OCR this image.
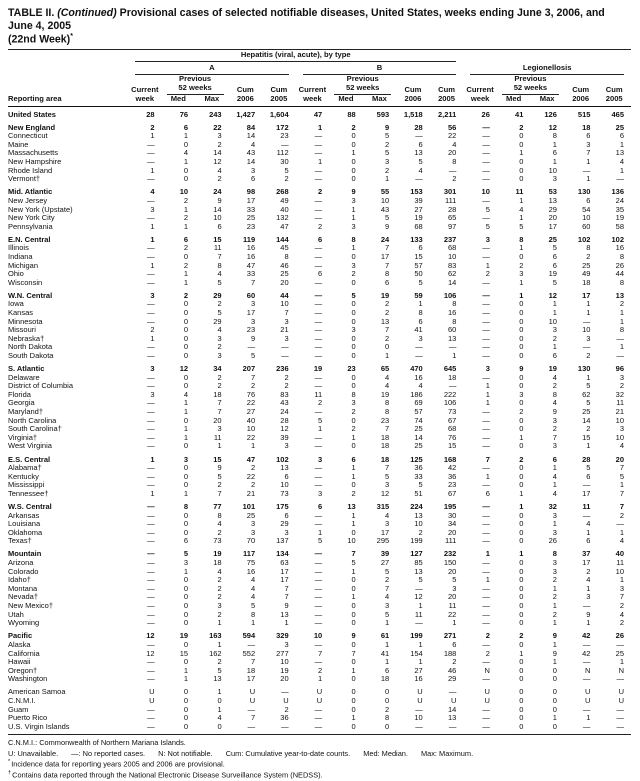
TABLE II. (Continued) Provisional cases of selected notifiable diseases, United States, weeks ending June 3, 2006, and June 4, 2005
(22nd Week)*
Reporting area	Hepatitis (viral, acute), by type														

	A					B					Legionellosis				

Current
week

Previous
52 weeks	Cum
2006

Cum
2005

Current
week

Previous
52 weeks	Cum
2006

Cum
2005

Current
week

Previous
52 weeks	Cum
2006

Cum
2005

		Med	Max				Med	Max				Med	Max		
United States	28	76	243	1,427	1,604	47	88	593	1,518	2,211	26	41	126	515	465
New England	2	6	22	84	172	1	2	9	28	56	—	2	12	18	25
Connecticut	1	1	3	14	23	—	0	5	—	22	—	0	8	6	6
Maine	—	0	2	4	—	—	0	2	6	4	—	0	1	3	1
Massachusetts	—	4	14	43	112	—	1	5	13	20	—	1	6	7	13
New Hampshire	—	1	12	14	30	1	0	3	5	8	—	0	1	1	4
Rhode Island	1	0	4	3	5	—	0	2	4	—	—	0	10	—	1
Vermont†	—	0	2	6	2	—	0	1	—	2	—	0	3	1	—
Mid. Atlantic	4	10	24	98	268	2	9	55	153	301	10	11	53	130	136
New Jersey	—	2	9	17	49	—	3	10	39	111	—	1	13	6	24
New York (Upstate)	3	1	14	33	40	—	1	43	27	28	5	4	29	54	35
New York City	—	2	10	25	132	—	1	5	19	65	—	1	20	10	19
Pennsylvania	1	1	6	23	47	2	3	9	68	97	5	5	17	60	58
E.N. Central	1	6	15	119	144	6	8	24	133	237	3	8	25	102	102
Illinois	—	2	11	16	45	—	1	7	6	68	—	1	5	8	16
Indiana	—	0	7	16	8	—	0	17	15	10	—	0	6	2	8
Michigan	1	2	8	47	46	—	3	7	57	83	1	2	6	25	26
Ohio	—	1	4	33	25	6	2	8	50	62	2	3	19	49	44
Wisconsin	—	1	5	7	20	—	0	6	5	14	—	1	5	18	8
W.N. Central	3	2	29	60	44	—	5	19	59	106	—	1	12	17	13
Iowa	—	0	2	3	10	—	0	2	1	8	—	0	1	1	2
Kansas	—	0	5	17	7	—	0	2	8	16	—	0	1	1	1
Minnesota	—	0	29	3	3	—	0	13	6	8	—	0	10	—	1
Missouri	2	0	4	23	21	—	3	7	41	60	—	0	3	10	8
Nebraska†	1	0	3	9	3	—	0	2	3	13	—	0	2	3	—
North Dakota	—	0	2	—	—	—	0	0	—	—	—	0	1	—	1
South Dakota	—	0	3	5	—	—	0	1	—	1	—	0	6	2	—
S. Atlantic	3	12	34	207	236	19	23	65	470	645	3	9	19	130	96
Delaware	—	0	2	7	2	—	0	4	16	18	—	0	4	1	3
District of Columbia	—	0	2	2	2	—	0	4	4	—	1	0	2	5	2
Florida	3	4	18	76	83	11	8	19	186	222	1	3	8	62	32
Georgia	—	1	7	22	43	2	3	8	69	106	1	0	4	5	11
Maryland†	—	1	7	27	24	—	2	8	57	73	—	2	9	25	21
North Carolina	—	0	20	40	28	5	0	23	74	67	—	0	3	14	10
South Carolina†	—	1	3	10	12	1	2	7	25	68	—	0	2	2	3
Virginia†	—	1	11	22	39	—	1	18	14	76	—	1	7	15	10
West Virginia	—	0	1	1	3	—	0	18	25	15	—	0	3	1	4
E.S. Central	1	3	15	47	102	3	6	18	125	168	7	2	6	28	20
Alabama†	—	0	9	2	13	—	1	7	36	42	—	0	1	5	7
Kentucky	—	0	5	22	6	—	1	5	33	36	1	0	4	6	5
Mississippi	—	0	2	2	10	—	0	3	5	23	—	0	1	—	1
Tennessee†	1	1	7	21	73	3	2	12	51	67	6	1	4	17	7
W.S. Central	—	8	77	101	175	6	13	315	224	195	—	1	32	11	7
Arkansas	—	0	8	25	6	—	1	4	13	30	—	0	3	—	2
Louisiana	—	0	4	3	29	—	1	3	10	34	—	0	1	4	—
Oklahoma	—	0	2	3	3	1	0	17	2	20	—	0	3	1	1
Texas†	—	6	73	70	137	5	10	295	199	111	—	0	26	6	4
Mountain	—	5	19	117	134	—	7	39	127	232	1	1	8	37	40
Arizona	—	3	18	75	63	—	5	27	85	150	—	0	3	17	11
Colorado	—	1	4	16	17	—	1	5	13	20	—	0	3	2	10
Idaho†	—	0	2	4	17	—	0	2	5	5	1	0	2	4	1
Montana	—	0	2	4	7	—	0	7	—	3	—	0	1	1	3
Nevada†	—	0	2	4	7	—	1	4	12	20	—	0	2	3	7
New Mexico†	—	0	3	5	9	—	0	3	1	11	—	0	1	—	2
Utah	—	0	2	8	13	—	0	5	11	22	—	0	2	9	4
Wyoming	—	0	1	1	1	—	0	1	—	1	—	0	1	1	2
Pacific	12	19	163	594	329	10	9	61	199	271	2	2	9	42	26
Alaska	—	0	1	—	3	—	0	1	1	6	—	0	1	—	—
California	12	15	162	552	277	7	7	41	154	188	2	1	9	42	25
Hawaii	—	0	2	7	10	—	0	1	1	2	—	0	1	—	1
Oregon†	—	1	5	18	19	2	1	6	27	46	N	0	0	N	N
Washington	—	1	13	17	20	1	0	18	16	29	—	0	0	—	—
American Samoa	U	0	1	U	—	U	0	0	U	—	U	0	0	U	U
C.N.M.I.	U	0	0	U	U	U	0	0	U	U	U	0	0	U	U
Guam	—	0	1	—	2	—	0	2	—	14	—	0	0	—	—
Puerto Rico	—	0	4	7	36	—	1	8	10	13	—	0	1	1	—
U.S. Virgin Islands	—	0	0	—	—	—	0	0	—	—	—	0	0	—	—
C.N.M.I.: Commonwealth of Northern Mariana Islands.
U: Unavailable. —: No reported cases. N: Not notifiable. Cum: Cumulative year-to-date counts. Med: Median. Max: Maximum.
*Incidence data for reporting years 2005 and 2006 are provisional.
†Contains data reported through the National Electronic Disease Surveillance System (NEDSS).
